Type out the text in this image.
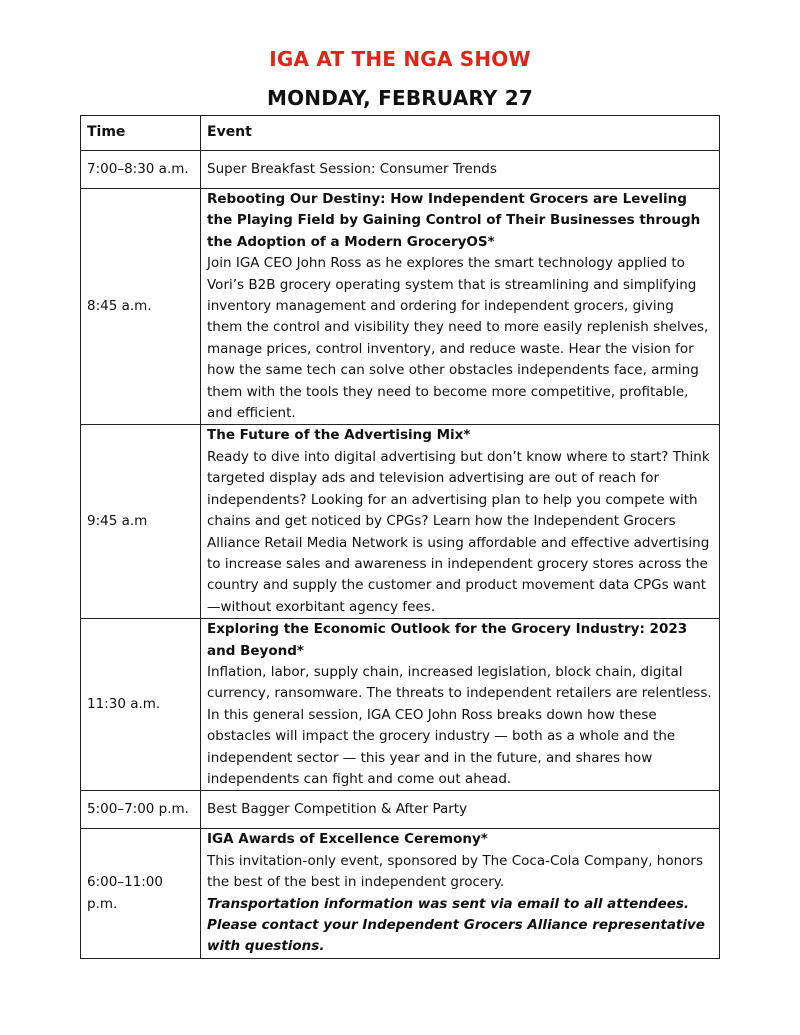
IGA AT THE NGA SHOW
MONDAY, FEBRUARY 27
Time	Event
7:00–8:30 a.m.	Super Breakfast Session: Consumer Trends
8:45 a.m.	Rebooting Our Destiny: How Independent Grocers are Leveling the Playing Field by Gaining Control of Their Businesses through the Adoption of a Modern GroceryOS*
Join IGA CEO John Ross as he explores the smart technology applied to Vori’s B2B grocery operating system that is streamlining and simplifying inventory management and ordering for independent grocers, giving them the control and visibility they need to more easily replenish shelves, manage prices, control inventory, and reduce waste. Hear the vision for how the same tech can solve other obstacles independents face, arming them with the tools they need to become more competitive, profitable, and efficient.

9:45 a.m	The Future of the Advertising Mix*
Ready to dive into digital advertising but don’t know where to start? Think targeted display ads and television advertising are out of reach for independents? Looking for an advertising plan to help you compete with chains and get noticed by CPGs? Learn how the Independent Grocers Alliance Retail Media Network is using affordable and effective advertising to increase sales and awareness in independent grocery stores across the country and supply the customer and product movement data CPGs want—without exorbitant agency fees.

11:30 a.m.	Exploring the Economic Outlook for the Grocery Industry: 2023 and Beyond*
Inflation, labor, supply chain, increased legislation, block chain, digital currency, ransomware. The threats to independent retailers are relentless. In this general session, IGA CEO John Ross breaks down how these obstacles will impact the grocery industry — both as a whole and the independent sector — this year and in the future, and shares how independents can fight and come out ahead.

5:00–7:00 p.m.	Best Bagger Competition & After Party
6:00–11:00 p.m.	IGA Awards of Excellence Ceremony*
This invitation-only event, sponsored by The Coca-Cola Company, honors the best of the best in independent grocery.
Transportation information was sent via email to all attendees. Please contact your Independent Grocers Alliance representative with questions.
